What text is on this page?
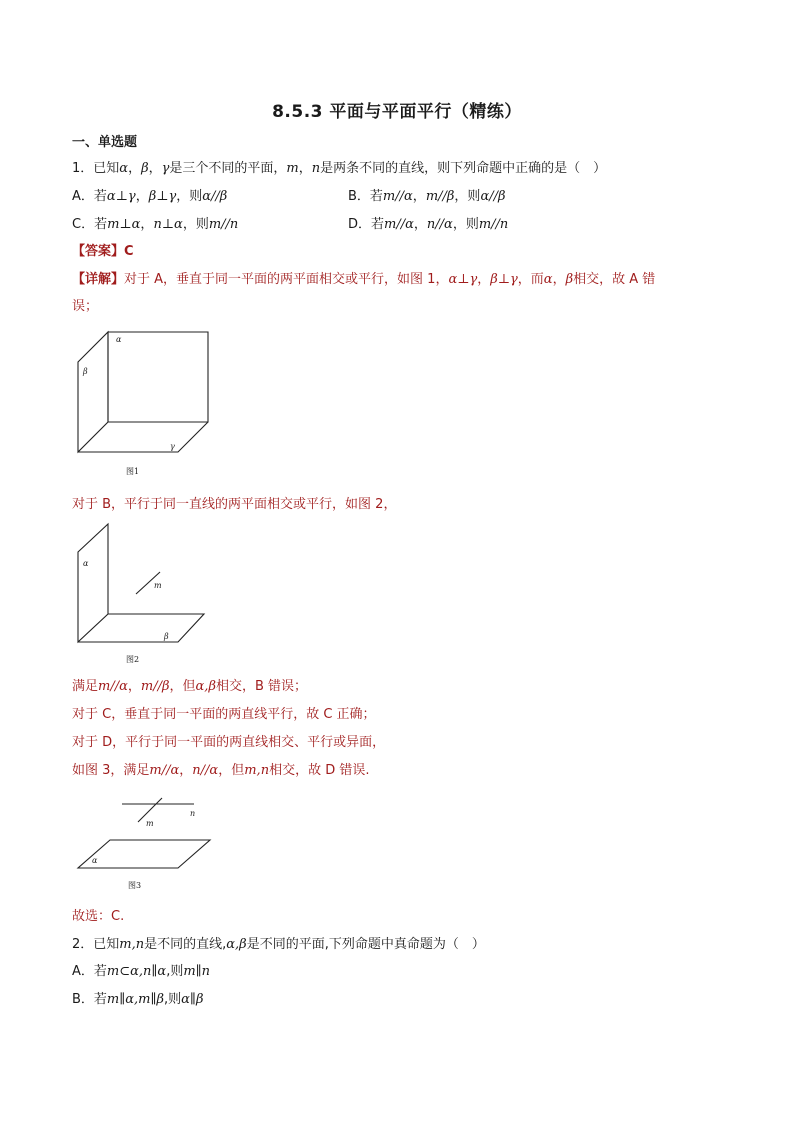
8.5.3 平面与平面平行（精练）
一、单选题
1．已知α，β，γ是三个不同的平面，m，n是两条不同的直线，则下列命题中正确的是（　）
A．若α⊥γ，β⊥γ，则α//β	B．若m//α，m//β，则α//β
C．若m⊥α，n⊥α，则m//n	D．若m//α，n//α，则m//n
【答案】C
【详解】对于 A，垂直于同一平面的两平面相交或平行，如图 1，α⊥γ，β⊥γ，而α，β相交，故 A 错
误；
α
β
γ
图1
对于 B，平行于同一直线的两平面相交或平行，如图 2，
α
m
β
图2
满足m//α，m//β，但α,β相交，B 错误；
对于 C，垂直于同一平面的两直线平行，故 C 正确；
对于 D，平行于同一平面的两直线相交、平行或异面，
如图 3，满足m//α，n//α，但m,n相交，故 D 错误.
m
n
α
图3
故选：C.
2．已知m,n是不同的直线,α,β是不同的平面,下列命题中真命题为（　）
A．若m⊂α,n∥α,则m∥n
B．若m∥α,m∥β,则α∥β
